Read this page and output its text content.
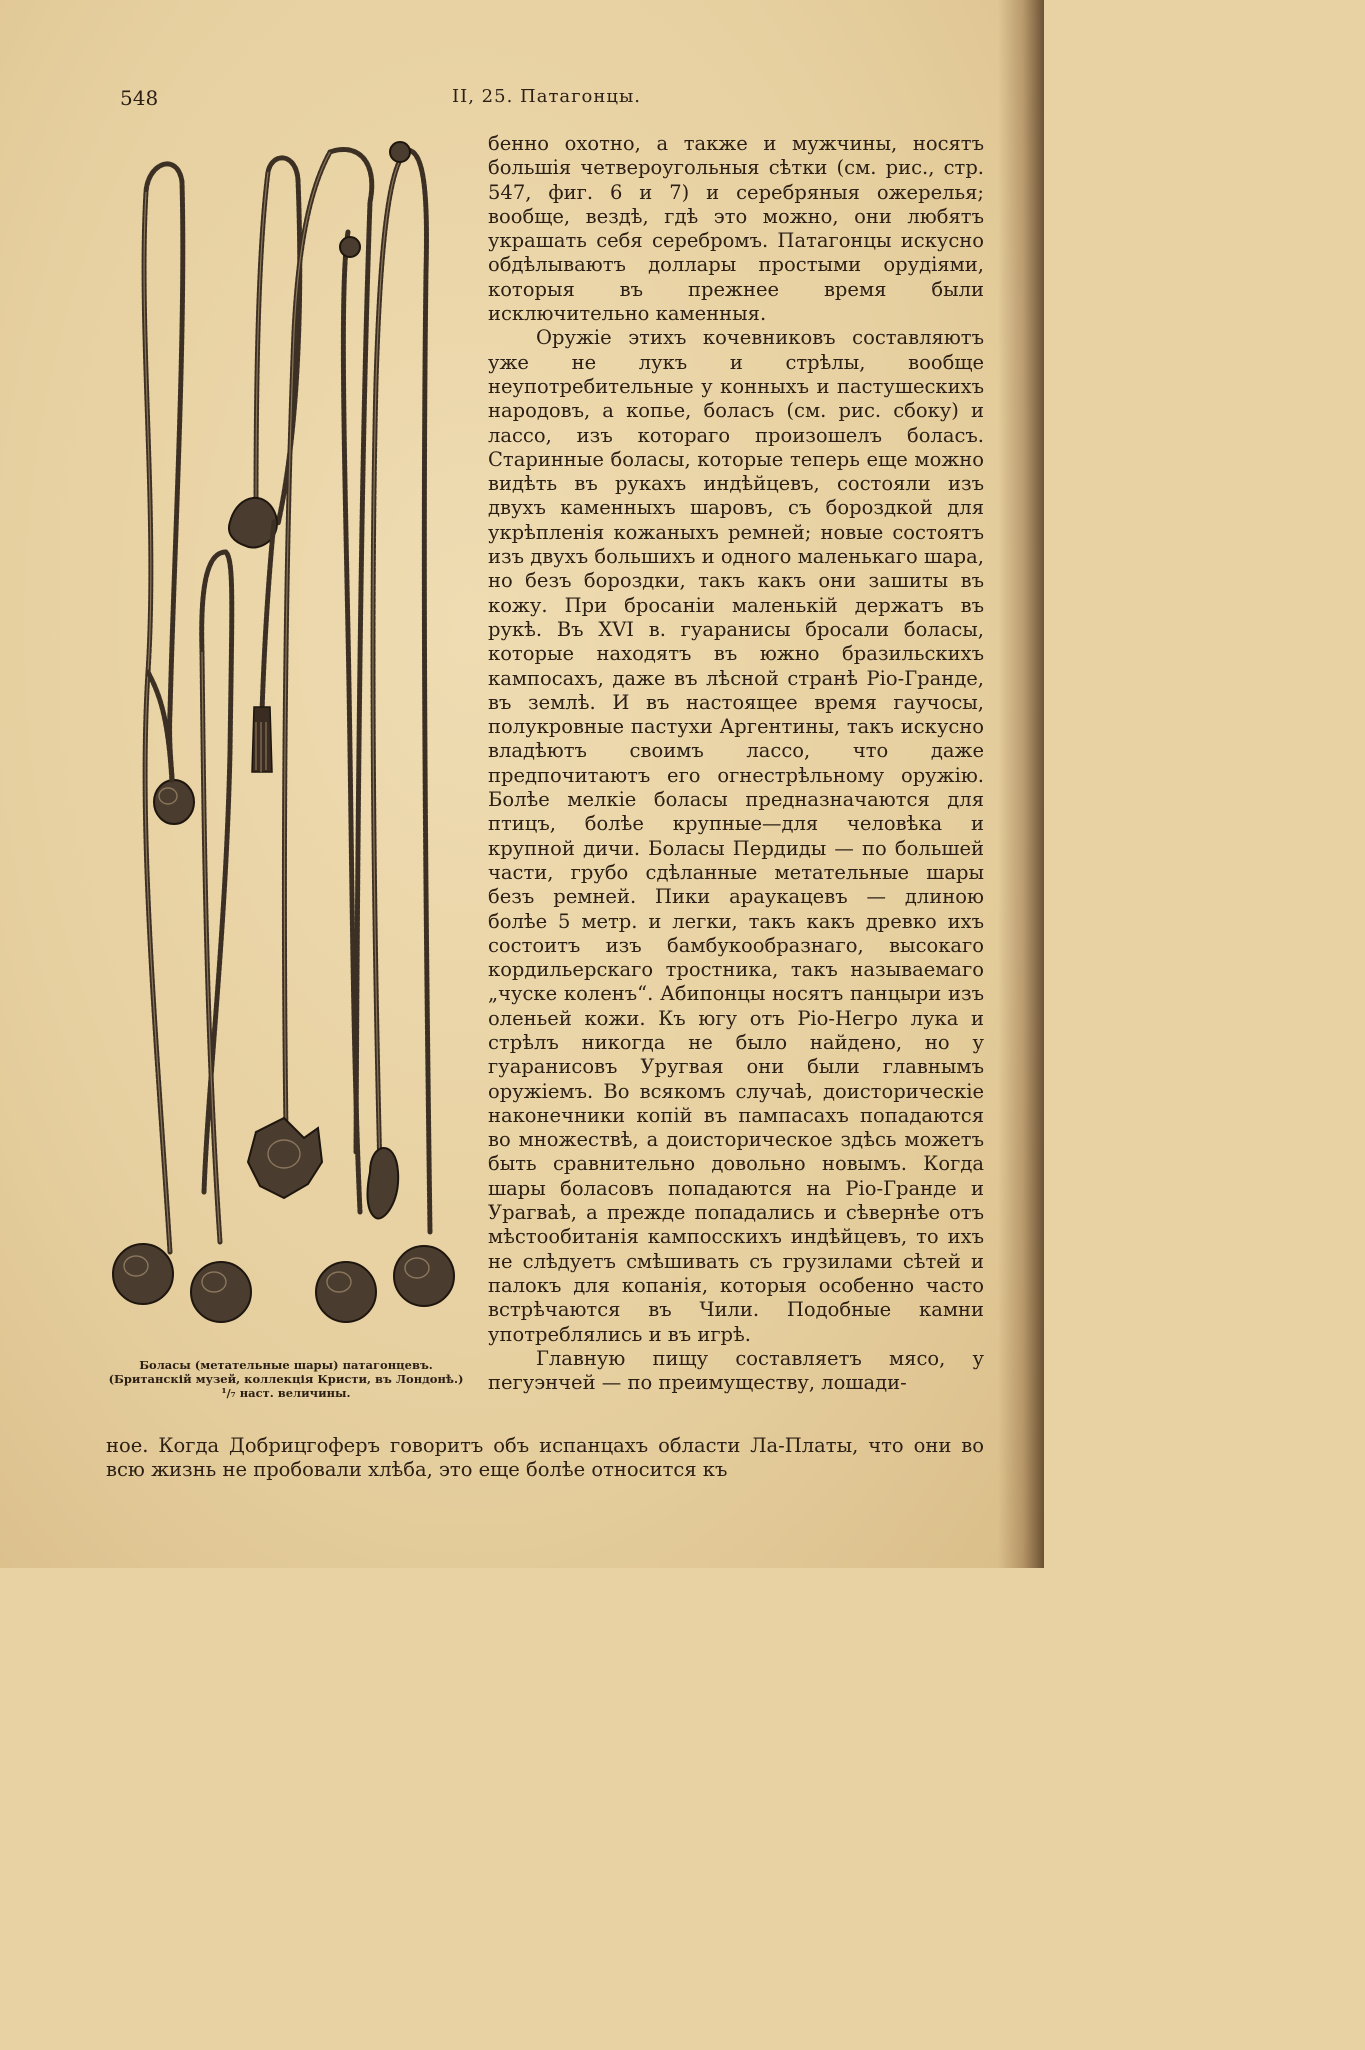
548	II, 25. Патагонцы.
Боласы (метательные шары) патагонцевъ. (Британскій музей, коллекція Кристи, въ Лондонѣ.) ¹/₇ наст. величины.

бенно охотно, а также и мужчины, носятъ большія четвероугольныя сѣтки (см. рис., стр. 547, фиг. 6 и 7) и серебряныя ожерелья; вообще, вездѣ, гдѣ это можно, они любятъ украшать себя серебромъ. Патагонцы искусно обдѣлываютъ доллары простыми орудіями, которыя въ прежнее время были исключительно каменныя.

Оружіе этихъ кочевниковъ составляютъ уже не лукъ и стрѣлы, вообще неупотребительные у конныхъ и пастушескихъ народовъ, а копье, боласъ (см. рис. сбоку) и лассо, изъ котораго произошелъ боласъ. Старинные боласы, которые теперь еще можно видѣть въ рукахъ индѣйцевъ, состояли изъ двухъ каменныхъ шаровъ, съ бороздкой для укрѣпленія кожаныхъ ремней; новые состоятъ изъ двухъ большихъ и одного маленькаго шара, но безъ бороздки, такъ какъ они зашиты въ кожу. При бросаніи маленькій держатъ въ рукѣ. Въ XVI в. гуаранисы бросали боласы, которые находятъ въ южно бразильскихъ кампосахъ, даже въ лѣсной странѣ Ріо-Гранде, въ землѣ. И въ настоящее время гаучосы, полукровные пастухи Аргентины, такъ искусно владѣютъ своимъ лассо, что даже предпочитаютъ его огнестрѣльному оружію. Болѣе мелкіе боласы предназначаются для птицъ, болѣе крупные—для человѣка и крупной дичи. Боласы Пердиды — по большей части, грубо сдѣланные метательные шары безъ ремней. Пики араукацевъ — длиною болѣе 5 метр. и легки, такъ какъ древко ихъ состоитъ изъ бамбукообразнаго, высокаго кордильерскаго тростника, такъ называемаго „чуске коленъ“. Абипонцы носятъ панцыри изъ оленьей кожи. Къ югу отъ Ріо-Негро лука и стрѣлъ никогда не было найдено, но у гуаранисовъ Уругвая они были главнымъ оружіемъ. Во всякомъ случаѣ, доисторическіе наконечники копій въ пампасахъ попадаются во множествѣ, а доисторическое здѣсь можетъ быть сравнительно довольно новымъ. Когда шары боласовъ попадаются на Ріо-Гранде и Урагваѣ, а прежде попадались и сѣвернѣе отъ мѣстообитанія кампосскихъ индѣйцевъ, то ихъ не слѣдуетъ смѣшивать съ грузилами сѣтей и палокъ для копанія, которыя особенно часто встрѣчаются въ Чили. Подобные камни употреблялись и въ игрѣ.

Главную пищу составляетъ мясо, у пегуэнчей — по преимуществу, лошади-

ное. Когда Добрицгоферъ говоритъ объ испанцахъ области Ла-Платы, что они во всю жизнь не пробовали хлѣба, это еще болѣе относится къ
